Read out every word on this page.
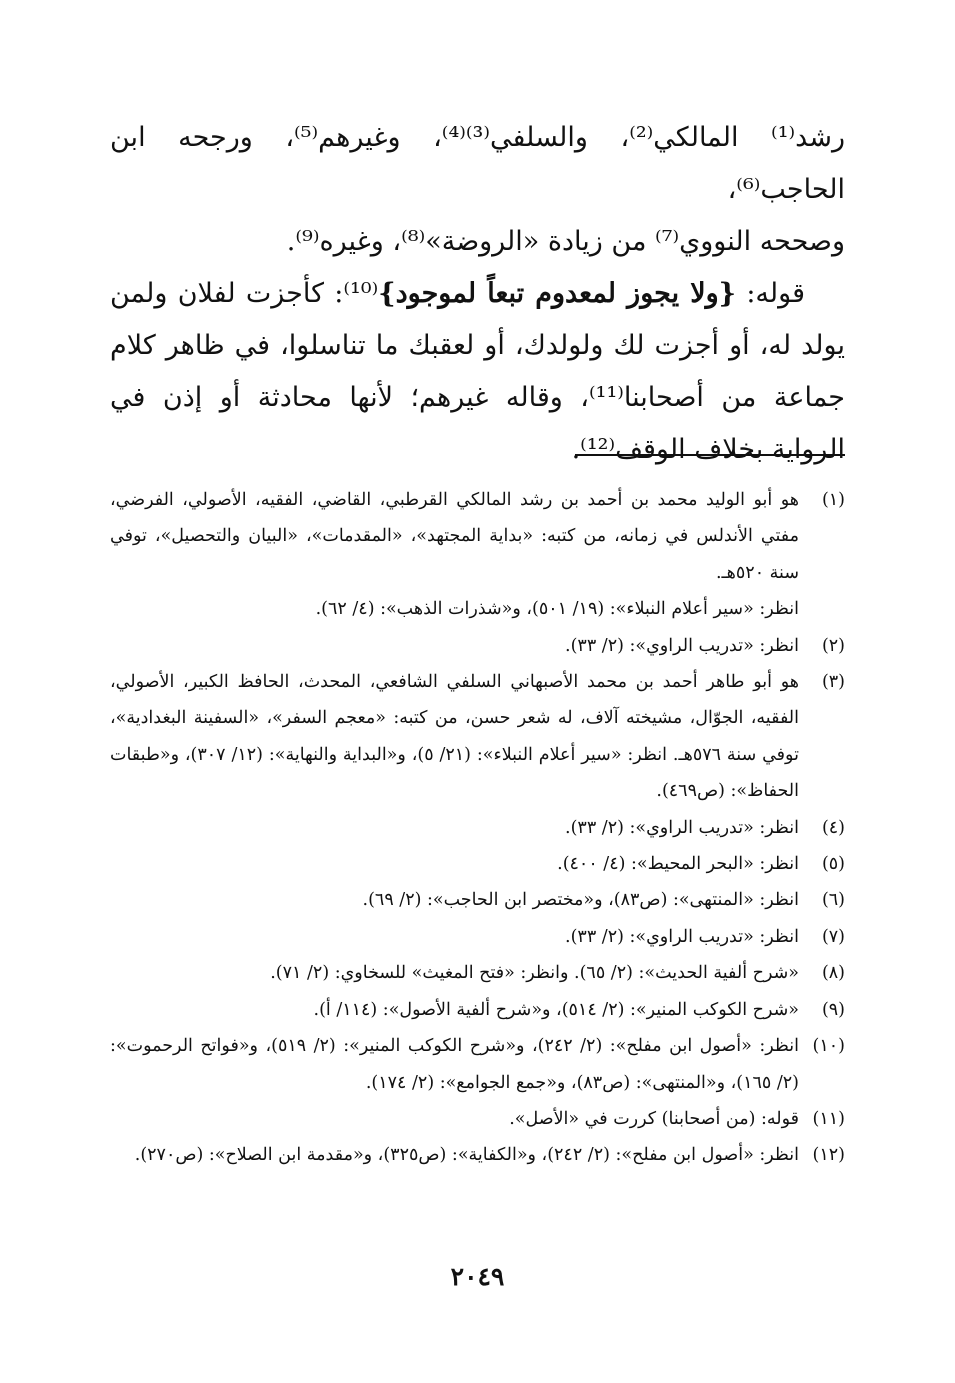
رشد⁽¹⁾ المالكي⁽²⁾، والسلفي⁽³⁾⁽⁴⁾، وغيرهم⁽⁵⁾، ورجحه ابن الحاجب⁽⁶⁾،
وصححه النووي⁽⁷⁾ من زيادة «الروضة»⁽⁸⁾، وغيره⁽⁹⁾.

قوله: {ولا يجوز لمعدوم تبعاً لموجود}⁽¹⁰⁾: كأجزت لفلان ولمن يولد له، أو أجزت لك ولولدك، أو لعقبك ما تناسلوا، في ظاهر كلام جماعة من أصحابنا⁽¹¹⁾، وقاله غيرهم؛ لأنها محادثة أو إذن في الرواية بخلاف الوقف⁽¹²⁾.

(١)
هو أبو الوليد محمد بن أحمد بن رشد المالكي القرطبي، القاضي، الفقيه، الأصولي، الفرضي، مفتي الأندلس في زمانه، من كتبه: «بداية المجتهد»، «المقدمات»، «البيان والتحصيل»، توفي سنة ٥٢٠هـ.
انظر: «سير أعلام النبلاء»: (١٩/ ٥٠١)، و«شذرات الذهب»: (٤/ ٦٢).
(٢)
انظر: «تدريب الراوي»: (٢/ ٣٣).
(٣)
هو أبو طاهر أحمد بن محمد الأصبهاني السلفي الشافعي، المحدث، الحافظ الكبير، الأصولي، الفقيه، الجوّال، مشيخته آلاف، له شعر حسن، من كتبه: «معجم السفر»، «السفينة البغدادية»، توفي سنة ٥٧٦هـ. انظر: «سير أعلام النبلاء»: (٢١/ ٥)، و«البداية والنهاية»: (١٢/ ٣٠٧)، و«طبقات الحفاظ»: (ص٤٦٩).
(٤)
انظر: «تدريب الراوي»: (٢/ ٣٣).
(٥)
انظر: «البحر المحيط»: (٤/ ٤٠٠).
(٦)
انظر: «المنتهى»: (ص٨٣)، و«مختصر ابن الحاجب»: (٢/ ٦٩).
(٧)
انظر: «تدريب الراوي»: (٢/ ٣٣).
(٨)
«شرح ألفية الحديث»: (٢/ ٦٥). وانظر: «فتح المغيث» للسخاوي: (٢/ ٧١).
(٩)
«شرح الكوكب المنير»: (٢/ ٥١٤)، و«شرح ألفية الأصول»: (١١٤/ أ).
(١٠)
انظر: «أصول ابن مفلح»: (٢/ ٢٤٢)، و«شرح الكوكب المنير»: (٢/ ٥١٩)، و«فواتح الرحموت»: (٢/ ١٦٥)، و«المنتهى»: (ص٨٣)، و«جمع الجوامع»: (٢/ ١٧٤).
(١١)
قوله: (من أصحابنا) كررت في «الأصل».
(١٢)
انظر: «أصول ابن مفلح»: (٢/ ٢٤٢)، و«الكفاية»: (ص٣٢٥)، و«مقدمة ابن الصلاح»: (ص٢٧٠).
٢٠٤٩
